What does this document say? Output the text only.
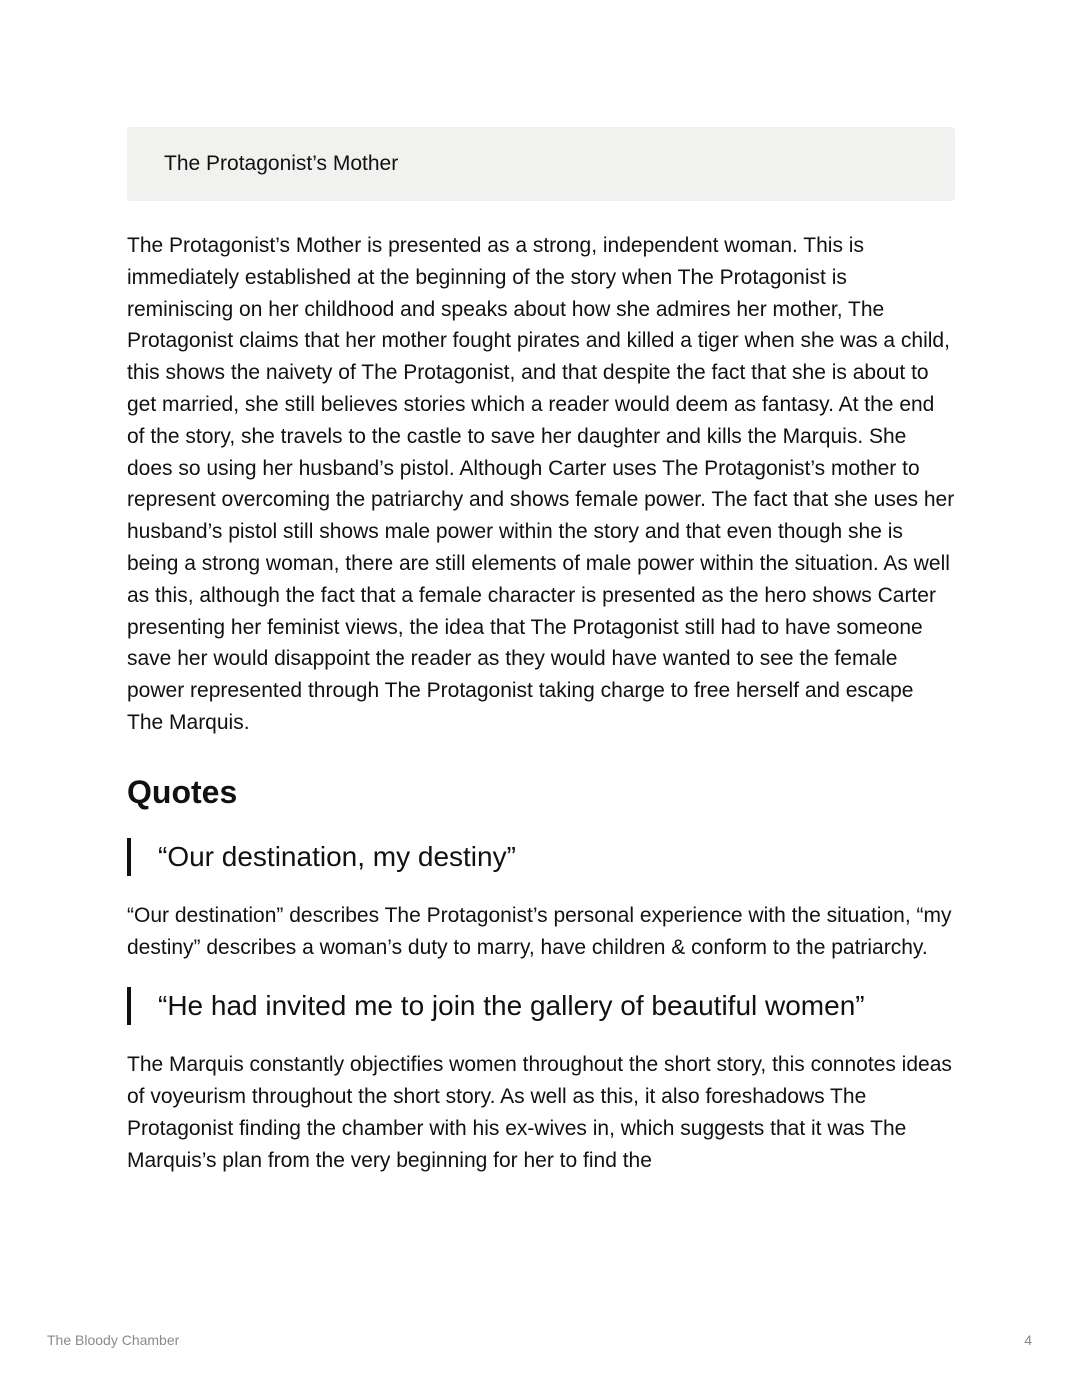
The Protagonist’s Mother

The Protagonist’s Mother is presented as a strong, independent woman. This is immediately established at the beginning of the story when The Protagonist is reminiscing on her childhood and speaks about how she admires her mother, The Protagonist claims that her mother fought pirates and killed a tiger when she was a child, this shows the naivety of The Protagonist, and that despite the fact that she is about to get married, she still believes stories which a reader would deem as fantasy. At the end of the story, she travels to the castle to save her daughter and kills the Marquis. She does so using her husband’s pistol. Although Carter uses The Protagonist’s mother to represent overcoming the patriarchy and shows female power. The fact that she uses her husband’s pistol still shows male power within the story and that even though she is being a strong woman, there are still elements of male power within the situation. As well as this, although the fact that a female character is presented as the hero shows Carter presenting her feminist views, the idea that The Protagonist still had to have someone save her would disappoint the reader as they would have wanted to see the female power represented through The Protagonist taking charge to free herself and escape The Marquis.

Quotes
“Our destination, my destiny”

“Our destination” describes The Protagonist’s personal experience with the situation, “my destiny” describes a woman’s duty to marry, have children & conform to the patriarchy.

“He had invited me to join the gallery of beautiful women”

The Marquis constantly objectifies women throughout the short story, this connotes ideas of voyeurism throughout the short story. As well as this, it also foreshadows The Protagonist finding the chamber with his ex-wives in, which suggests that it was The Marquis’s plan from the very beginning for her to find the

The Bloody Chamber	4
